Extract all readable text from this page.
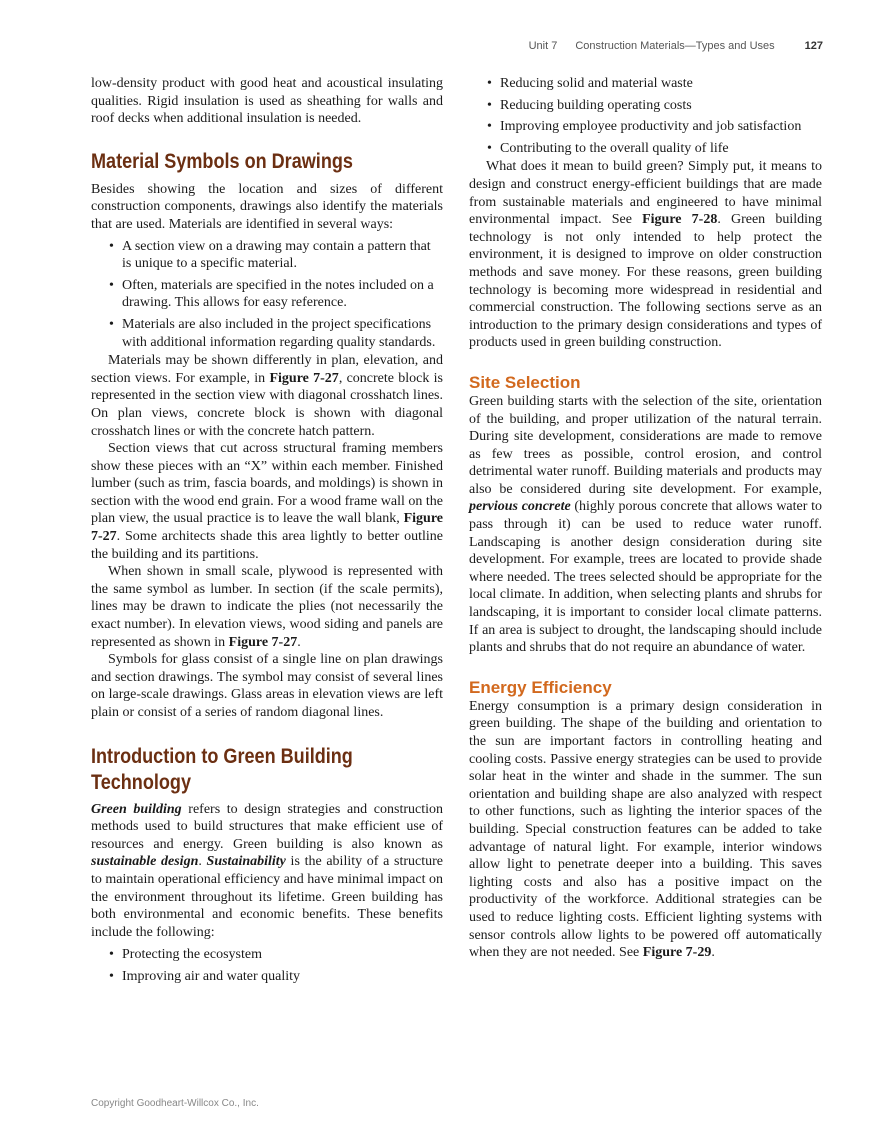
Unit 7 Construction Materials—Types and Uses	127

low-density product with good heat and acoustical insulating qualities. Rigid insulation is used as sheathing for walls and roof decks when additional insulation is needed.

Material Symbols on Drawings

Besides showing the location and sizes of different construction components, drawings also identify the materials that are used. Materials are identified in several ways:

• A section view on a drawing may contain a pattern that is unique to a specific material.
• Often, materials are specified in the notes included on a drawing. This allows for easy reference.
• Materials are also included in the project specifications with additional information regarding quality standards.

Materials may be shown differently in plan, elevation, and section views. For example, in Figure 7-27, concrete block is represented in the section view with diagonal crosshatch lines. On plan views, concrete block is shown with diagonal crosshatch lines or with the concrete hatch pattern.

Section views that cut across structural framing members show these pieces with an “X” within each member. Finished lumber (such as trim, fascia boards, and moldings) is shown in section with the wood end grain. For a wood frame wall on the plan view, the usual practice is to leave the wall blank, Figure 7-27. Some architects shade this area lightly to better outline the building and its partitions.

When shown in small scale, plywood is represented with the same symbol as lumber. In section (if the scale permits), lines may be drawn to indicate the plies (not necessarily the exact number). In elevation views, wood siding and panels are represented as shown in Figure 7-27.

Symbols for glass consist of a single line on plan drawings and section drawings. The symbol may consist of several lines on large-scale drawings. Glass areas in elevation views are left plain or consist of a series of random diagonal lines.

Introduction to Green Building
Technology

Green building refers to design strategies and construction methods used to build structures that make efficient use of resources and energy. Green building is also known as sustainable design. Sustainability is the ability of a structure to maintain operational efficiency and have minimal impact on the environment throughout its lifetime. Green building has both environmental and economic benefits. These benefits include the following:

• Protecting the ecosystem
• Improving air and water quality
• Reducing solid and material waste
• Reducing building operating costs
• Improving employee productivity and job satisfaction
• Contributing to the overall quality of life

What does it mean to build green? Simply put, it means to design and construct energy-efficient buildings that are made from sustainable materials and engineered to have minimal environmental impact. See Figure 7-28. Green building technology is not only intended to help protect the environment, it is designed to improve on older construction methods and save money. For these reasons, green building technology is becoming more widespread in residential and commercial construction. The following sections serve as an introduction to the primary design considerations and types of products used in green building construction.

Site Selection

Green building starts with the selection of the site, orientation of the building, and proper utilization of the natural terrain. During site development, considerations are made to remove as few trees as possible, control erosion, and control detrimental water runoff. Building materials and products may also be considered during site development. For example, pervious concrete (highly porous concrete that allows water to pass through it) can be used to reduce water runoff. Landscaping is another design consideration during site development. For example, trees are located to provide shade where needed. The trees selected should be appropriate for the local climate. In addition, when selecting plants and shrubs for landscaping, it is important to consider local climate patterns. If an area is subject to drought, the landscaping should include plants and shrubs that do not require an abundance of water.

Energy Efficiency

Energy consumption is a primary design consideration in green building. The shape of the building and orientation to the sun are important factors in controlling heating and cooling costs. Passive energy strategies can be used to provide solar heat in the winter and shade in the summer. The sun orientation and building shape are also analyzed with respect to other functions, such as lighting the interior spaces of the building. Special construction features can be added to take advantage of natural light. For example, interior windows allow light to penetrate deeper into a building. This saves lighting costs and also has a positive impact on the productivity of the workforce. Additional strategies can be used to reduce lighting costs. Efficient lighting systems with sensor controls allow lights to be powered off automatically when they are not needed. See Figure 7-29.

Copyright Goodheart-Willcox Co., Inc.
